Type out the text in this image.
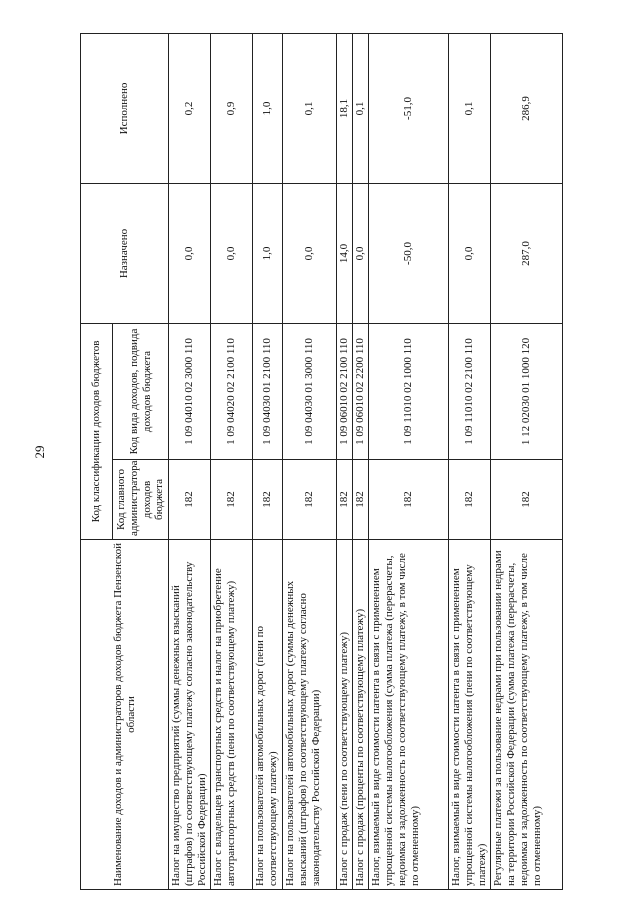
29
Наименование доходов и администраторов доходов бюджета Пензенской области	Код классификации доходов бюджетов		Назначено	Исполнено
	Код главного администратора доходов бюджета	Код вида доходов, подвида доходов бюджета		
Налог на имущество предприятий (суммы денежных взысканий (штрафов) по соответствующему платежу согласно законодательству Российской Федерации)	182	1 09 04010 02 3000 110	0,0	0,2
Налог с владельцев транспортных средств и налог на приобретение автотранспортных средств (пени по соответствующему платежу)	182	1 09 04020 02 2100 110	0,0	0,9
Налог на пользователей автомобильных дорог (пени по соответствующему платежу)	182	1 09 04030 01 2100 110	1,0	1,0
Налог на пользователей автомобильных дорог (суммы денежных взысканий (штрафов) по соответствующему платежу согласно законодательству Российской Федерации)	182	1 09 04030 01 3000 110	0,0	0,1
Налог с продаж (пени по соответствующему платежу)	182	1 09 06010 02 2100 110	14,0	18,1
Налог с продаж (проценты по соответствующему платежу)	182	1 09 06010 02 2200 110	0,0	0,1
Налог, взимаемый в виде стоимости патента в связи с применением упрощенной системы налогообложения (сумма платежа (перерасчеты, недоимка и задолженность по соответствующему платежу, в том числе по отмененному)	182	1 09 11010 02 1000 110	-50,0	-51,0
Налог, взимаемый в виде стоимости патента в связи с применением упрощенной системы налогообложения (пени по соответствующему платежу)	182	1 09 11010 02 2100 110	0,0	0,1
Регулярные платежи за пользование недрами при пользовании недрами на территории Российской Федерации (сумма платежа (перерасчеты, недоимка и задолженность по соответствующему платежу, в том числе по отмененному)	182	1 12 02030 01 1000 120	287,0	286,9
